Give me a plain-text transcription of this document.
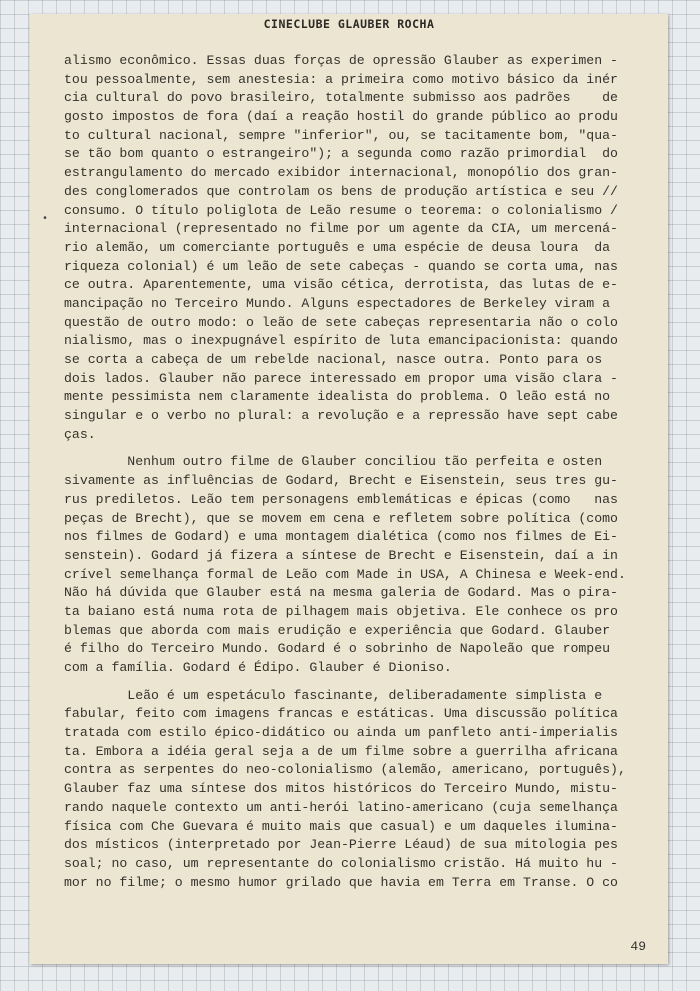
CINECLUBE GLAUBER ROCHA
alismo econômico. Essas duas forças de opressão Glauber as experimen -
tou pessoalmente, sem anestesia: a primeira como motivo básico da inér
cia cultural do povo brasileiro, totalmente submisso aos padrões    de
gosto impostos de fora (daí a reação hostil do grande público ao produ
to cultural nacional, sempre "inferior", ou, se tacitamente bom, "qua-
se tão bom quanto o estrangeiro"); a segunda como razão primordial  do
estrangulamento do mercado exibidor internacional, monopólio dos gran-
des conglomerados que controlam os bens de produção artística e seu //
consumo. O título poliglota de Leão resume o teorema: o colonialismo /
internacional (representado no filme por um agente da CIA, um mercená-
rio alemão, um comerciante português e uma espécie de deusa loura  da
riqueza colonial) é um leão de sete cabeças - quando se corta uma, nas
ce outra. Aparentemente, uma visão cética, derrotista, das lutas de e-
mancipação no Terceiro Mundo. Alguns espectadores de Berkeley viram a
questão de outro modo: o leão de sete cabeças representaria não o colo
nialismo, mas o inexpugnável espírito de luta emancipacionista: quando
se corta a cabeça de um rebelde nacional, nasce outra. Ponto para os
dois lados. Glauber não parece interessado em propor uma visão clara -
mente pessimista nem claramente idealista do problema. O leão está no
singular e o verbo no plural: a revolução e a repressão have sept cabe
ças.
Nenhum outro filme de Glauber conciliou tão perfeita e osten
sivamente as influências de Godard, Brecht e Eisenstein, seus tres gu-
rus prediletos. Leão tem personagens emblemáticas e épicas (como   nas
peças de Brecht), que se movem em cena e refletem sobre política (como
nos filmes de Godard) e uma montagem dialética (como nos filmes de Ei-
senstein). Godard já fizera a síntese de Brecht e Eisenstein, daí a in
crível semelhança formal de Leão com Made in USA, A Chinesa e Week-end.
Não há dúvida que Glauber está na mesma galeria de Godard. Mas o pira-
ta baiano está numa rota de pilhagem mais objetiva. Ele conhece os pro
blemas que aborda com mais erudição e experiência que Godard. Glauber
é filho do Terceiro Mundo. Godard é o sobrinho de Napoleão que rompeu
com a família. Godard é Édipo. Glauber é Dioniso.
Leão é um espetáculo fascinante, deliberadamente simplista e
fabular, feito com imagens francas e estáticas. Uma discussão política
tratada com estilo épico-didático ou ainda um panfleto anti-imperialis
ta. Embora a idéia geral seja a de um filme sobre a guerrilha africana
contra as serpentes do neo-colonialismo (alemão, americano, português),
Glauber faz uma síntese dos mitos históricos do Terceiro Mundo, mistu-
rando naquele contexto um anti-herói latino-americano (cuja semelhança
física com Che Guevara é muito mais que casual) e um daqueles ilumina-
dos místicos (interpretado por Jean-Pierre Léaud) de sua mitologia pes
soal; no caso, um representante do colonialismo cristão. Há muito hu -
mor no filme; o mesmo humor grilado que havia em Terra em Transe. O co
•
49
